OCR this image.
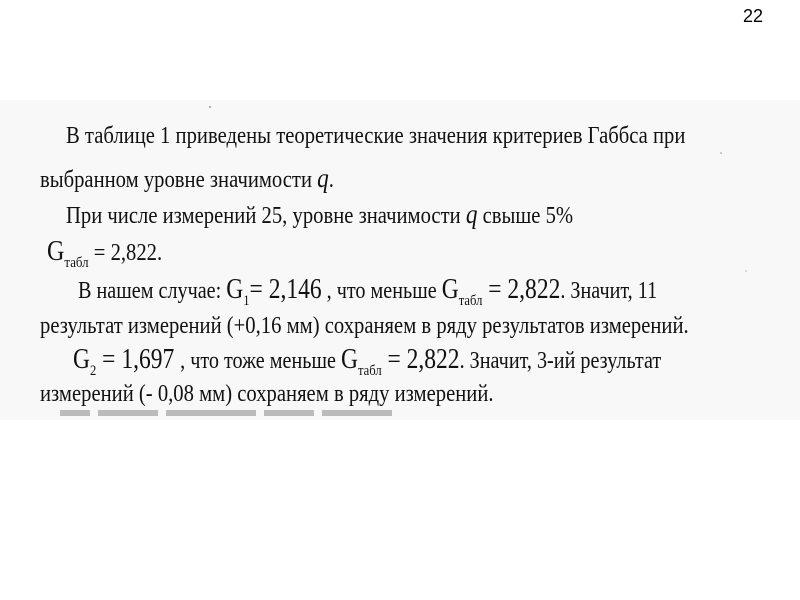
22
В таблице 1 приведены теоретические значения критериев Габбса при
выбранном уровне значимости q.
При числе измерений 25, уровне значимости q свыше 5%
$G_{табл} = 2,822$.
В нашем случае: $G_1= 2,146$ , что меньше $G_{табл} = 2,822$. Значит, 11
результат измерений (+0,16 мм) сохраняем в ряду результатов измерений.
$G_2 = 1,697$ , что тоже меньше $G_{табл} = 2,822$. Значит, 3-ий результат
измерений (- 0,08 мм) сохраняем в ряду измерений.
